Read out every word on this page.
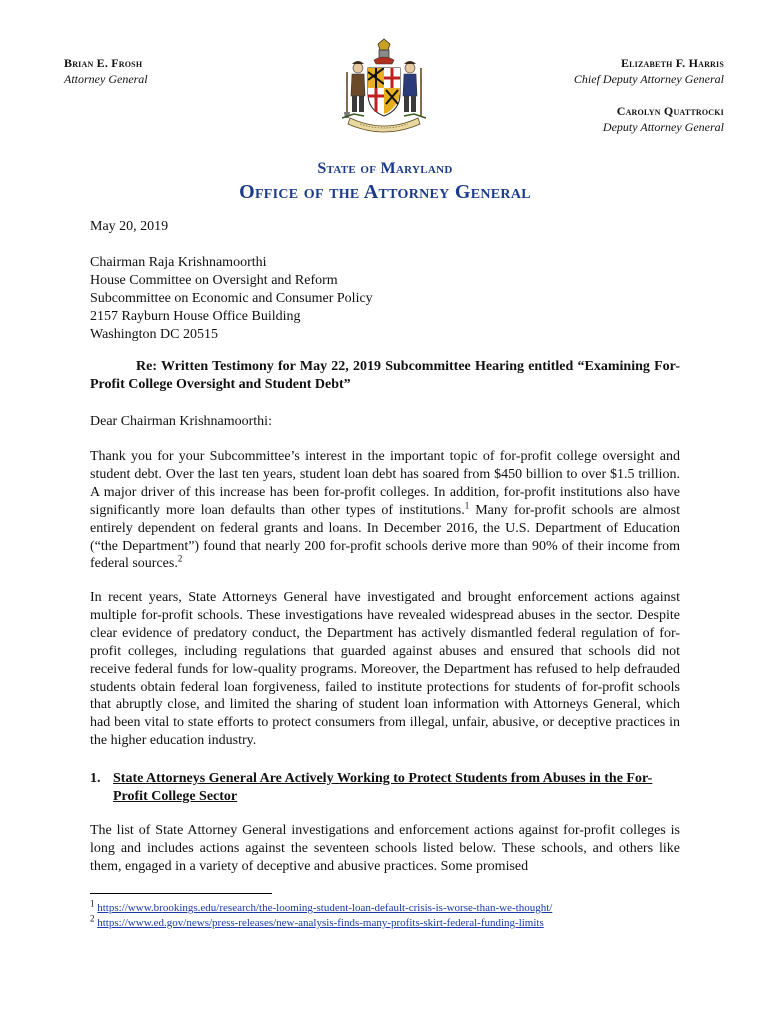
Brian E. Frosh
Attorney General
Elizabeth F. Harris
Chief Deputy Attorney General
Carolyn Quattrocki
Deputy Attorney General
State of Maryland
Office of the Attorney General
May 20, 2019
Chairman Raja Krishnamoorthi
House Committee on Oversight and Reform
Subcommittee on Economic and Consumer Policy
2157 Rayburn House Office Building
Washington DC 20515

Re: Written Testimony for May 22, 2019 Subcommittee Hearing entitled “Examining For-Profit College Oversight and Student Debt”

Dear Chairman Krishnamoorthi:

Thank you for your Subcommittee’s interest in the important topic of for-profit college oversight and student debt. Over the last ten years, student loan debt has soared from $450 billion to over $1.5 trillion. A major driver of this increase has been for-profit colleges. In addition, for-profit institutions also have significantly more loan defaults than other types of institutions.$^1$ Many for-profit schools are almost entirely dependent on federal grants and loans. In December 2016, the U.S. Department of Education (“the Department”) found that nearly 200 for-profit schools derive more than 90% of their income from federal sources.$^2$

In recent years, State Attorneys General have investigated and brought enforcement actions against multiple for-profit schools. These investigations have revealed widespread abuses in the sector. Despite clear evidence of predatory conduct, the Department has actively dismantled federal regulation of for-profit colleges, including regulations that guarded against abuses and ensured that schools did not receive federal funds for low-quality programs. Moreover, the Department has refused to help defrauded students obtain federal loan forgiveness, failed to institute protections for students of for-profit schools that abruptly close, and limited the sharing of student loan information with Attorneys General, which had been vital to state efforts to protect consumers from illegal, unfair, abusive, or deceptive practices in the higher education industry.

1. State Attorneys General Are Actively Working to Protect Students from Abuses in the For-Profit College Sector

The list of State Attorney General investigations and enforcement actions against for-profit colleges is long and includes actions against the seventeen schools listed below. These schools, and others like them, engaged in a variety of deceptive and abusive practices. Some promised

$^1$ https://www.brookings.edu/research/the-looming-student-loan-default-crisis-is-worse-than-we-thought/
$^2$ https://www.ed.gov/news/press-releases/new-analysis-finds-many-profits-skirt-federal-funding-limits
